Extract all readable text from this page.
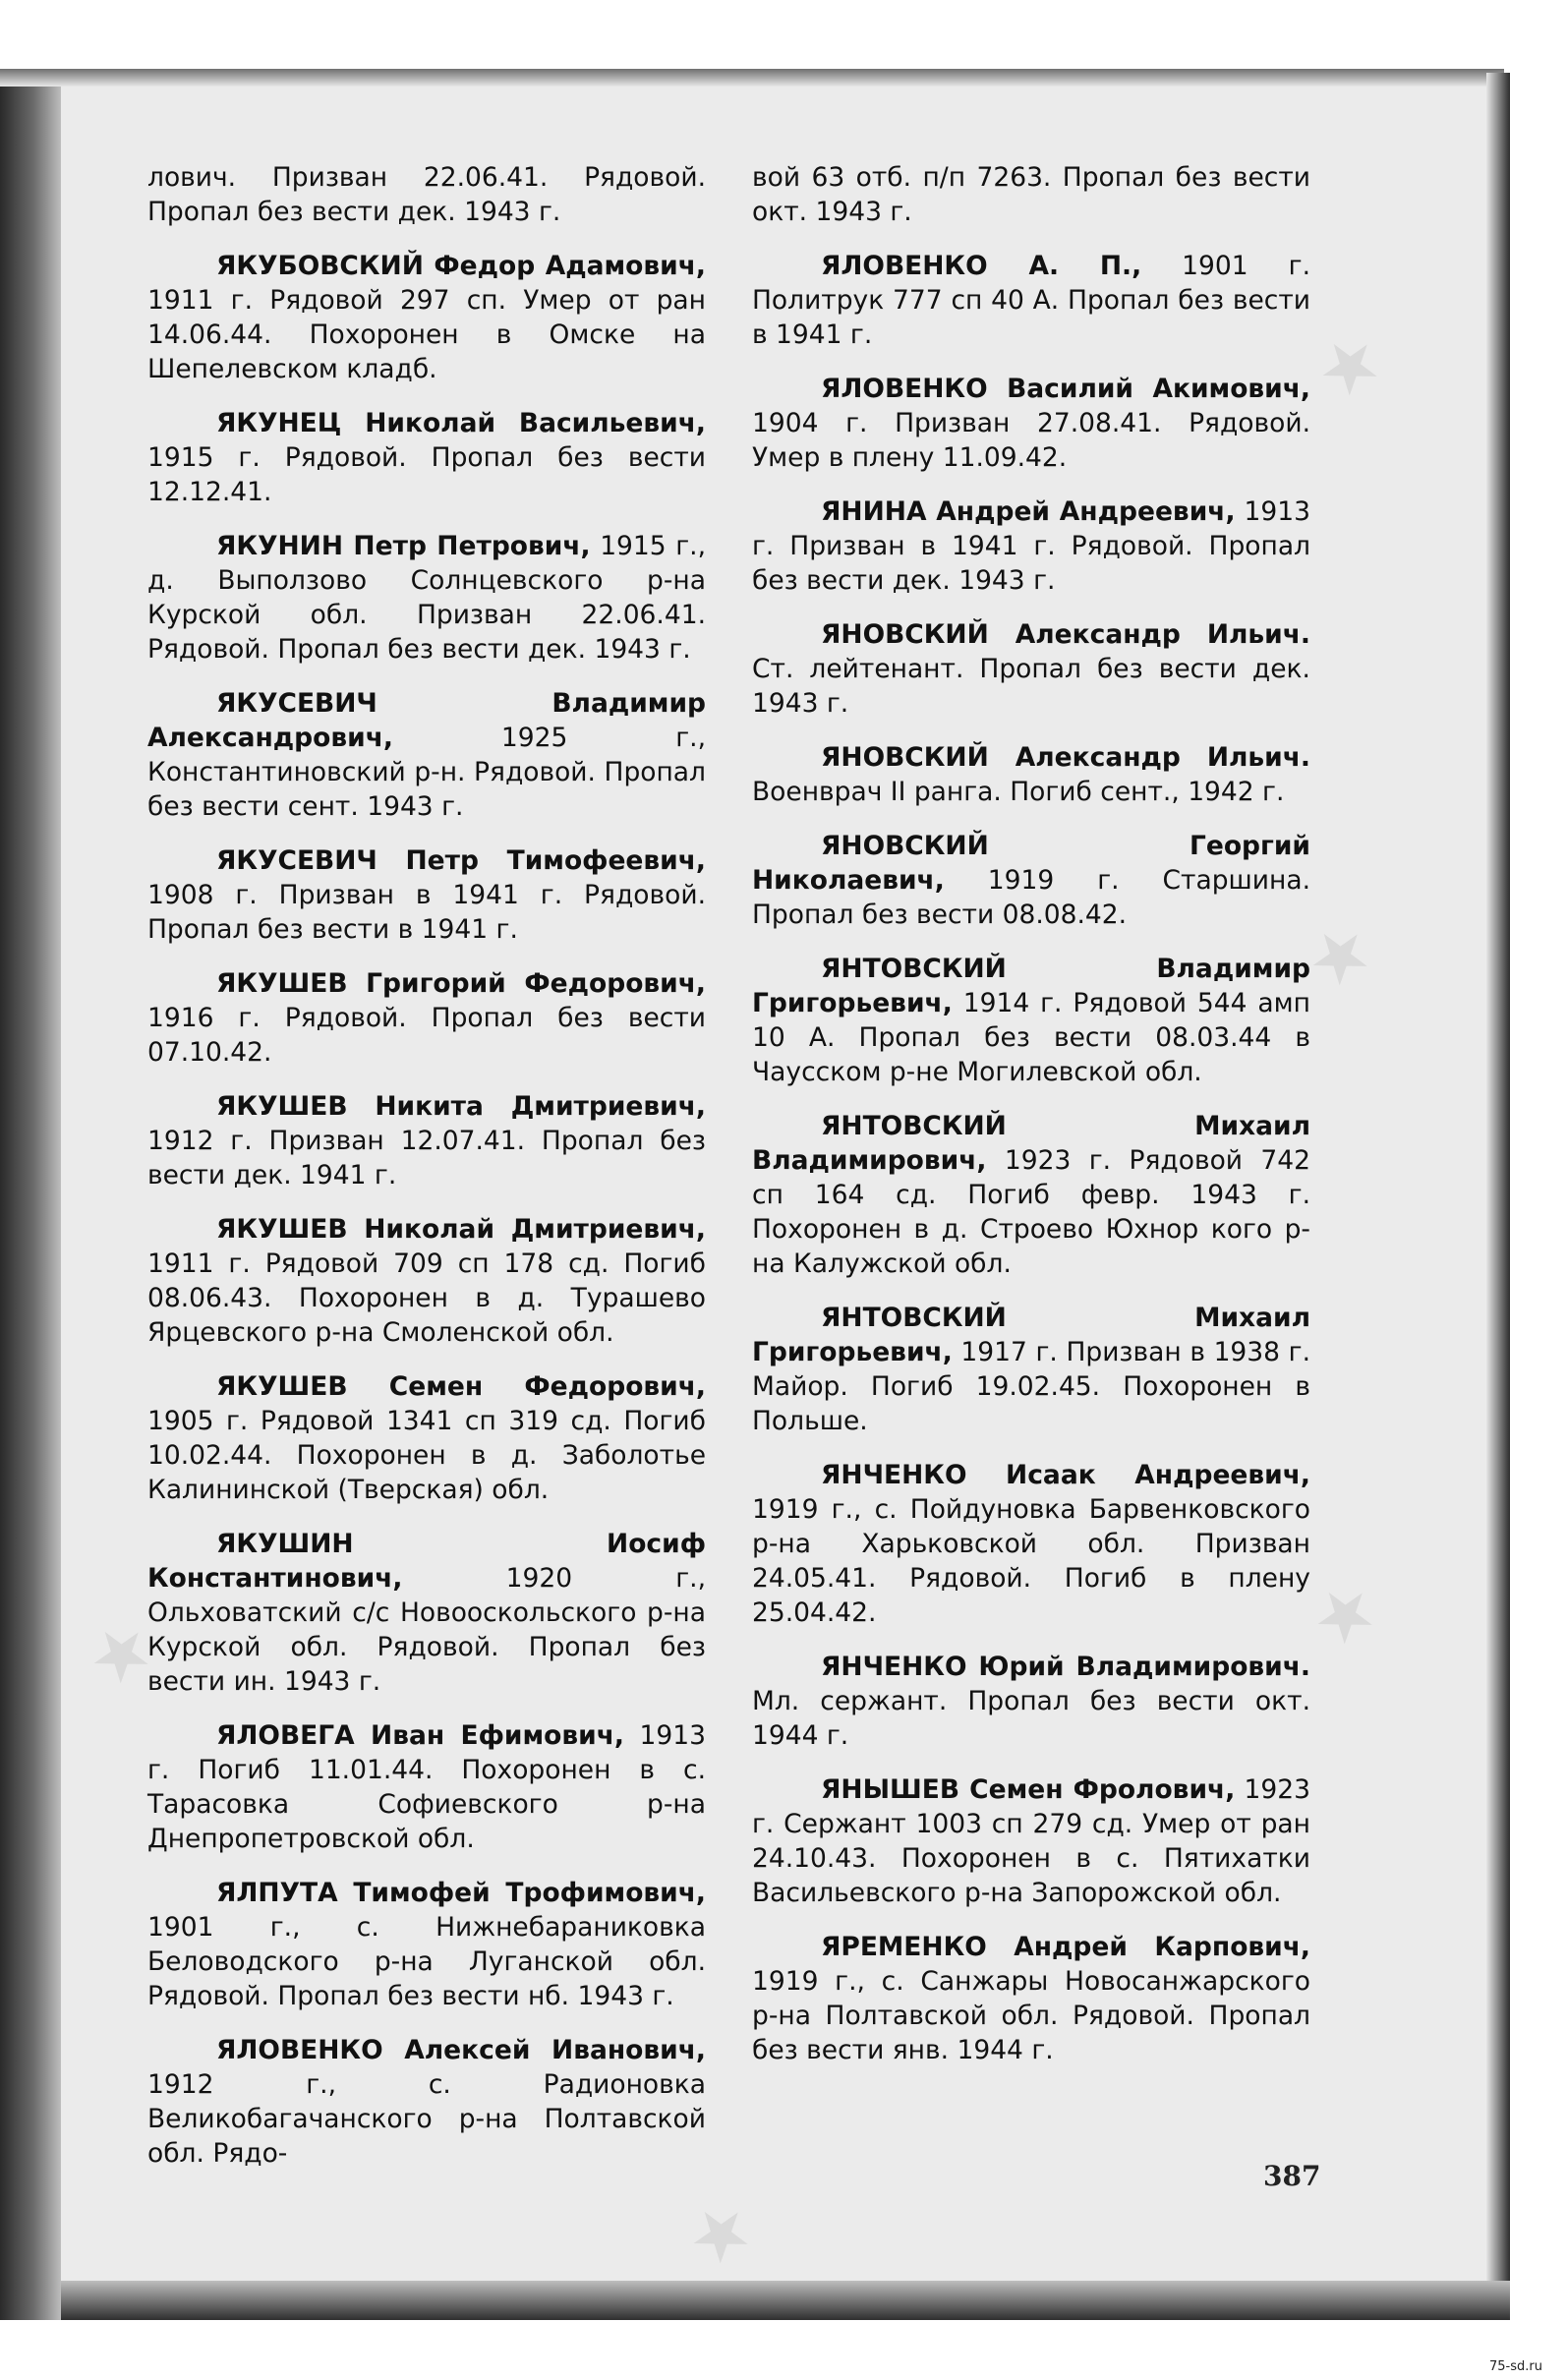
★
★
★
★
★

лович. Призван 22.06.41. Рядовой. Пропал без вести дек. 1943 г.

ЯКУБОВСКИЙ Федор Адамович, 1911 г. Рядовой 297 сп. Умер от ран 14.06.44. Похоронен в Омске на Шепелевском кладб.

ЯКУНЕЦ Николай Васильевич, 1915 г. Рядовой. Пропал без вести 12.12.41.

ЯКУНИН Петр Петрович, 1915 г., д. Выползово Солнцевского р-на Курской обл. Призван 22.06.41. Рядовой. Пропал без вести дек. 1943 г.

ЯКУСЕВИЧ Владимир Александрович, 1925 г., Константиновский р-н. Рядовой. Пропал без вести сент. 1943 г.

ЯКУСЕВИЧ Петр Тимофеевич, 1908 г. Призван в 1941 г. Рядовой. Пропал без вести в 1941 г.

ЯКУШЕВ Григорий Федорович, 1916 г. Рядовой. Пропал без вести 07.10.42.

ЯКУШЕВ Никита Дмитриевич, 1912 г. Призван 12.07.41. Пропал без вести дек. 1941 г.

ЯКУШЕВ Николай Дмитриевич, 1911 г. Рядовой 709 сп 178 сд. Погиб 08.06.43. Похоронен в д. Турашево Ярцевского р-на Смоленской обл.

ЯКУШЕВ Семен Федорович, 1905 г. Рядовой 1341 сп 319 сд. Погиб 10.02.44. Похоронен в д. Заболотье Калининской (Тверская) обл.

ЯКУШИН Иосиф Константинович, 1920 г., Ольховатский с/с Новооскольского р-на Курской обл. Рядовой. Пропал без вести ин. 1943 г.

ЯЛОВЕГА Иван Ефимович, 1913 г. Погиб 11.01.44. Похоронен в с. Тарасовка Софиевского р-на Днепропетровской обл.

ЯЛПУТА Тимофей Трофимович, 1901 г., с. Нижнебараниковка Беловодского р-на Луганской обл. Рядовой. Пропал без вести нб. 1943 г.

ЯЛОВЕНКО Алексей Иванович, 1912 г., с. Радионовка Великобагачанского р-на Полтавской обл. Рядо-

вой 63 отб. п/п 7263. Пропал без вести окт. 1943 г.

ЯЛОВЕНКО А. П., 1901 г. Политрук 777 сп 40 А. Пропал без вести в 1941 г.

ЯЛОВЕНКО Василий Акимович, 1904 г. Призван 27.08.41. Рядовой. Умер в плену 11.09.42.

ЯНИНА Андрей Андреевич, 1913 г. Призван в 1941 г. Рядовой. Пропал без вести дек. 1943 г.

ЯНОВСКИЙ Александр Ильич. Ст. лейтенант. Пропал без вести дек. 1943 г.

ЯНОВСКИЙ Александр Ильич. Военврач II ранга. Погиб сент., 1942 г.

ЯНОВСКИЙ Георгий Николаевич, 1919 г. Старшина. Пропал без вести 08.08.42.

ЯНТОВСКИЙ Владимир Григорьевич, 1914 г. Рядовой 544 амп 10 А. Пропал без вести 08.03.44 в Чаусском р-не Могилевской обл.

ЯНТОВСКИЙ Михаил Владимирович, 1923 г. Рядовой 742 сп 164 сд. Погиб февр. 1943 г. Похоронен в д. Строево Юхнор кого р-на Калужской обл.

ЯНТОВСКИЙ Михаил Григорьевич, 1917 г. Призван в 1938 г. Майор. Погиб 19.02.45. Похоронен в Польше.

ЯНЧЕНКО Исаак Андреевич, 1919 г., с. Пойдуновка Барвенковского р-на Харьковской обл. Призван 24.05.41. Рядовой. Погиб в плену 25.04.42.

ЯНЧЕНКО Юрий Владимирович. Мл. сержант. Пропал без вести окт. 1944 г.

ЯНЫШЕВ Семен Фролович, 1923 г. Сержант 1003 сп 279 сд. Умер от ран 24.10.43. Похоронен в с. Пятихатки Васильевского р-на Запорожской обл.

ЯРЕМЕНКО Андрей Карпович, 1919 г., с. Санжары Новосанжарского р-на Полтавской обл. Рядовой. Пропал без вести янв. 1944 г.

387
75-sd.ru
